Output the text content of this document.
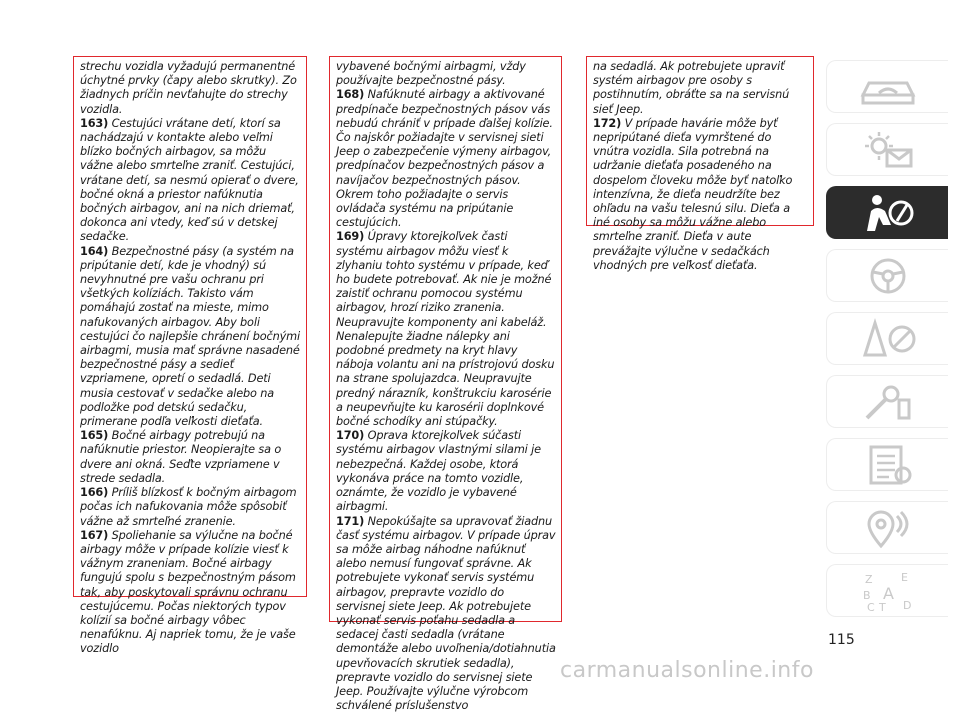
strechu vozidla vyžadujú permanentné úchytné prvky (čapy alebo skrutky). Zo žiadnych príčin nevťahujte do strechy vozidla.

163) Cestujúci vrátane detí, ktorí sa nachádzajú v kontakte alebo veľmi blízko bočných airbagov, sa môžu vážne alebo smrteľne zraniť. Cestujúci, vrátane detí, sa nesmú opierať o dvere, bočné okná a priestor nafúknutia bočných airbagov, ani na nich driemať, dokonca ani vtedy, keď sú v detskej sedačke.

164) Bezpečnostné pásy (a systém na pripútanie detí, kde je vhodný) sú nevyhnutné pre vašu ochranu pri všetkých kolíziách. Takisto vám pomáhajú zostať na mieste, mimo nafukovaných airbagov. Aby boli cestujúci čo najlepšie chránení bočnými airbagmi, musia mať správne nasadené bezpečnostné pásy a sedieť vzpriamene, opretí o sedadlá. Deti musia cestovať v sedačke alebo na podložke pod detskú sedačku, primerane podľa veľkosti dieťaťa.

165) Bočné airbagy potrebujú na nafúknutie priestor. Neopierajte sa o dvere ani okná. Seďte vzpriamene v strede sedadla.

166) Príliš blízkosť k bočným airbagom počas ich nafukovania môže spôsobiť vážne až smrteľné zranenie.

167) Spoliehanie sa výlučne na bočné airbagy môže v prípade kolízie viesť k vážnym zraneniam. Bočné airbagy fungujú spolu s bezpečnostným pásom tak, aby poskytovali správnu ochranu cestujúcemu. Počas niektorých typov kolízií sa bočné airbagy vôbec nenafúknu. Aj napriek tomu, že je vaše vozidlo

vybavené bočnými airbagmi, vždy používajte bezpečnostné pásy.

168) Nafúknuté airbagy a aktivované predpínače bezpečnostných pásov vás nebudú chrániť v prípade ďalšej kolízie. Čo najskôr požiadajte v servisnej sieti Jeep o zabezpečenie výmeny airbagov, predpínačov bezpečnostných pásov a navíjačov bezpečnostných pásov. Okrem toho požiadajte o servis ovládača systému na pripútanie cestujúcich.

169) Úpravy ktorejkoľvek časti systému airbagov môžu viesť k zlyhaniu tohto systému v prípade, keď ho budete potrebovať. Ak nie je možné zaistiť ochranu pomocou systému airbagov, hrozí riziko zranenia. Neupravujte komponenty ani kabeláž. Nenalepujte žiadne nálepky ani podobné predmety na kryt hlavy nábоja volantu ani na prístrojovú dosku na strane spolujazdca. Neupravujte predný nárazník, konštrukciu karosérie a neupevňujte ku karosérii doplnkové bočné schodíky ani stúpačky.

170) Oprava ktorejkoľvek súčasti systému airbagov vlastnými silami je nebezpečná. Každej osobe, ktorá vykonáva práce na tomto vozidle, oznámte, že vozidlo je vybavené airbagmi.

171) Nepokúšajte sa upravovať žiadnu časť systému airbagov. V prípade úprav sa môže airbag náhodne nafúknuť alebo nemusí fungovať správne. Ak potrebujete vykonať servis systému airbagov, prepravte vozidlo do servisnej siete Jeep. Ak potrebujete vykonať servis poťahu sedadla a sedacej časti sedadla (vrátane demontáže alebo uvoľnenia/dotiahnutia upevňovacích skrutiek sedadla), prepravte vozidlo do servisnej siete Jeep. Používajte výlučne výrobcom schválené príslušenstvo

na sedadlá. Ak potrebujete upraviť systém airbagov pre osoby s postihnutím, obráťte sa na servisnú sieť Jeep.

172) V prípade havárie môže byť nepripútané dieťa vymrštené do vnútra vozidla. Sila potrebná na udržanie dieťaťa posadeného na dospelom človeku môže byť natoľko intenzívna, že dieťa neudržíte bez ohľadu na vašu telesnú silu. Dieťa a iné osoby sa môžu vážne alebo smrteľne zraniť. Dieťa v aute prevážajte výlučne v sedačkách vhodných pre veľkosť dieťaťa.

Z	E
B A
C T D
115
carmanualsonline.info
